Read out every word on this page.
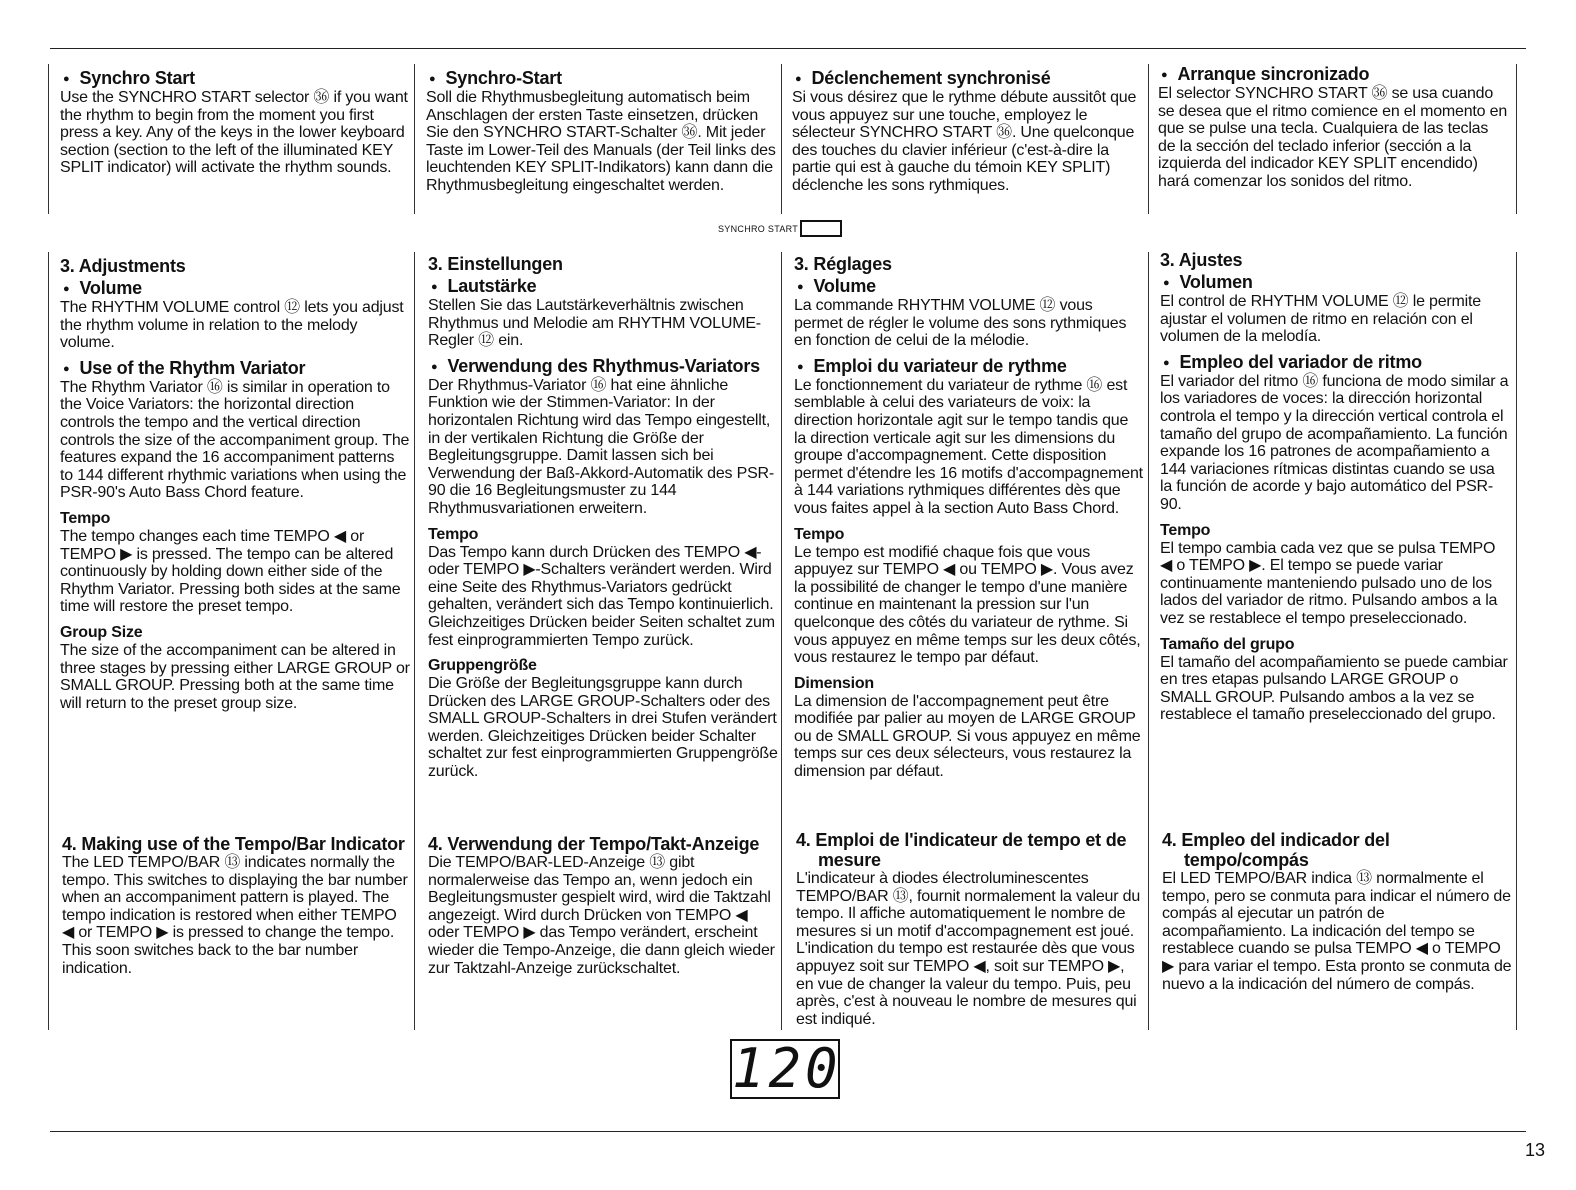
● Synchro Start

Use the SYNCHRO START selector ㊱ if you want the rhythm to begin from the moment you first press a key. Any of the keys in the lower keyboard section (section to the left of the illuminated KEY SPLIT indicator) will activate the rhythm sounds.

3. Adjustments
● Volume

The RHYTHM VOLUME control ⑫ lets you adjust the rhythm volume in relation to the melody volume.

● Use of the Rhythm Variator

The Rhythm Variator ⑯ is similar in operation to the Voice Variators: the horizontal direction controls the tempo and the vertical direction controls the size of the accompaniment group. The features expand the 16 accompaniment patterns to 144 different rhythmic variations when using the PSR-90's Auto Bass Chord feature.

Tempo

The tempo changes each time TEMPO ◀ or TEMPO ▶ is pressed. The tempo can be altered continuously by holding down either side of the Rhythm Variator. Pressing both sides at the same time will restore the preset tempo.

Group Size

The size of the accompaniment can be altered in three stages by pressing either LARGE GROUP or SMALL GROUP. Pressing both at the same time will return to the preset group size.

4. Making use of the Tempo/Bar Indicator

The LED TEMPO/BAR ⑬ indicates normally the tempo. This switches to displaying the bar number when an accompaniment pattern is played. The tempo indication is restored when either TEMPO ◀ or TEMPO ▶ is pressed to change the tempo. This soon switches back to the bar number indication.

● Synchro-Start

Soll die Rhythmusbegleitung automatisch beim Anschlagen der ersten Taste einsetzen, drücken Sie den SYNCHRO START-Schalter ㊱. Mit jeder Taste im Lower-Teil des Manuals (der Teil links des leuchtenden KEY SPLIT-Indikators) kann dann die Rhythmusbegleitung eingeschaltet werden.

3. Einstellungen
● Lautstärke

Stellen Sie das Lautstärkeverhältnis zwischen Rhythmus und Melodie am RHYTHM VOLUME-Regler ⑫ ein.

● Verwendung des Rhythmus-Variators

Der Rhythmus-Variator ⑯ hat eine ähnliche Funktion wie der Stimmen-Variator: In der horizontalen Richtung wird das Tempo eingestellt, in der vertikalen Richtung die Größe der Begleitungsgruppe. Damit lassen sich bei Verwendung der Baß-Akkord-Automatik des PSR-90 die 16 Begleitungsmuster zu 144 Rhythmusvariationen erweitern.

Tempo

Das Tempo kann durch Drücken des TEMPO ◀- oder TEMPO ▶-Schalters verändert werden. Wird eine Seite des Rhythmus-Variators gedrückt gehalten, verändert sich das Tempo kontinuierlich. Gleichzeitiges Drücken beider Seiten schaltet zum fest einprogrammierten Tempo zurück.

Gruppengröße

Die Größe der Begleitungsgruppe kann durch Drücken des LARGE GROUP-Schalters oder des SMALL GROUP-Schalters in drei Stufen verändert werden. Gleichzeitiges Drücken beider Schalter schaltet zur fest einprogrammierten Gruppengröße zurück.

4. Verwendung der Tempo/Takt-Anzeige

Die TEMPO/BAR-LED-Anzeige ⑬ gibt normalerweise das Tempo an, wenn jedoch ein Begleitungsmuster gespielt wird, wird die Taktzahl angezeigt. Wird durch Drücken von TEMPO ◀ oder TEMPO ▶ das Tempo verändert, erscheint wieder die Tempo-Anzeige, die dann gleich wieder zur Taktzahl-Anzeige zurückschaltet.

● Déclenchement synchronisé

Si vous désirez que le rythme débute aussitôt que vous appuyez sur une touche, employez le sélecteur SYNCHRO START ㊱. Une quelconque des touches du clavier inférieur (c'est-à-dire la partie qui est à gauche du témoin KEY SPLIT) déclenche les sons rythmiques.

3. Réglages
● Volume

La commande RHYTHM VOLUME ⑫ vous permet de régler le volume des sons rythmiques en fonction de celui de la mélodie.

● Emploi du variateur de rythme

Le fonctionnement du variateur de rythme ⑯ est semblable à celui des variateurs de voix: la direction horizontale agit sur le tempo tandis que la direction verticale agit sur les dimensions du groupe d'accompagnement. Cette disposition permet d'étendre les 16 motifs d'accompagnement à 144 variations rythmiques différentes dès que vous faites appel à la section Auto Bass Chord.

Tempo

Le tempo est modifié chaque fois que vous appuyez sur TEMPO ◀ ou TEMPO ▶. Vous avez la possibilité de changer le tempo d'une manière continue en maintenant la pression sur l'un quelconque des côtés du variateur de rythme. Si vous appuyez en même temps sur les deux côtés, vous restaurez le tempo par défaut.

Dimension

La dimension de l'accompagnement peut être modifiée par palier au moyen de LARGE GROUP ou de SMALL GROUP. Si vous appuyez en même temps sur ces deux sélecteurs, vous restaurez la dimension par défaut.

4. Emploi de l'indicateur de tempo et de mesure

L'indicateur à diodes électroluminescentes TEMPO/BAR ⑬, fournit normalement la valeur du tempo. Il affiche automatiquement le nombre de mesures si un motif d'accompagnement est joué. L'indication du tempo est restaurée dès que vous appuyez soit sur TEMPO ◀, soit sur TEMPO ▶, en vue de changer la valeur du tempo. Puis, peu après, c'est à nouveau le nombre de mesures qui est indiqué.

● Arranque sincronizado

El selector SYNCHRO START ㊱ se usa cuando se desea que el ritmo comience en el momento en que se pulse una tecla. Cualquiera de las teclas de la sección del teclado inferior (sección a la izquierda del indicador KEY SPLIT encendido) hará comenzar los sonidos del ritmo.

3. Ajustes
● Volumen

El control de RHYTHM VOLUME ⑫ le permite ajustar el volumen de ritmo en relación con el volumen de la melodía.

● Empleo del variador de ritmo

El variador del ritmo ⑯ funciona de modo similar a los variadores de voces: la dirección horizontal controla el tempo y la dirección vertical controla el tamaño del grupo de acompañamiento. La función expande los 16 patrones de acompañamiento a 144 variaciones rítmicas distintas cuando se usa la función de acorde y bajo automático del PSR-90.

Tempo

El tempo cambia cada vez que se pulsa TEMPO ◀ o TEMPO ▶. El tempo se puede variar continuamente manteniendo pulsado uno de los lados del variador de ritmo. Pulsando ambos a la vez se restablece el tempo preseleccionado.

Tamaño del grupo

El tamaño del acompañamiento se puede cambiar en tres etapas pulsando LARGE GROUP o SMALL GROUP. Pulsando ambos a la vez se restablece el tamaño preseleccionado del grupo.

4. Empleo del indicador del tempo/compás

El LED TEMPO/BAR indica ⑬ normalmente el tempo, pero se conmuta para indicar el número de compás al ejecutar un patrón de acompañamiento. La indicación del tempo se restablece cuando se pulsa TEMPO ◀ o TEMPO ▶ para variar el tempo. Esta pronto se conmuta de nuevo a la indicación del número de compás.

SYNCHRO START
120
13
